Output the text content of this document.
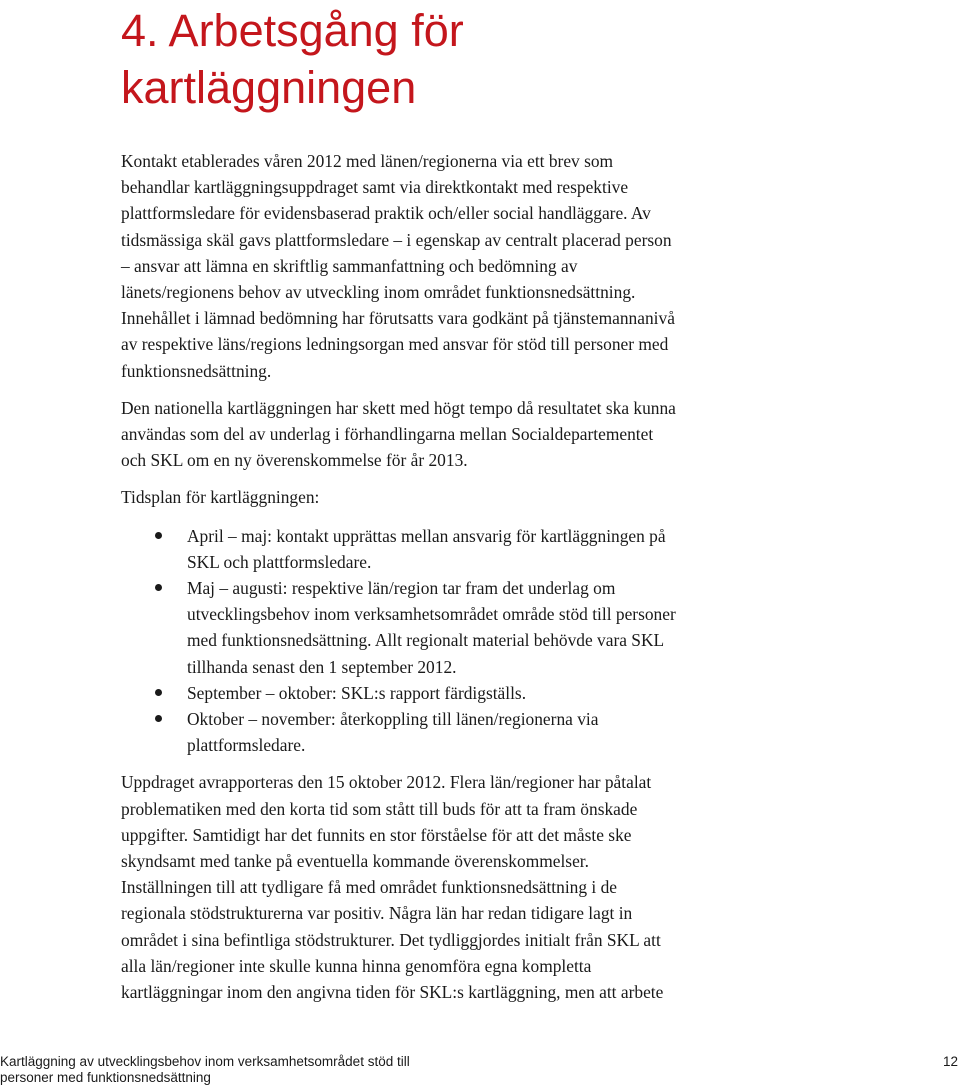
4. Arbetsgång för
kartläggningen

Kontakt etablerades våren 2012 med länen/regionerna via ett brev som
behandlar kartläggningsuppdraget samt via direktkontakt med respektive
plattformsledare för evidensbaserad praktik och/eller social handläggare. Av
tidsmässiga skäl gavs plattformsledare – i egenskap av centralt placerad person
– ansvar att lämna en skriftlig sammanfattning och bedömning av
länets/regionens behov av utveckling inom området funktionsnedsättning.
Innehållet i lämnad bedömning har förutsatts vara godkänt på tjänstemannanivå
av respektive läns/regions ledningsorgan med ansvar för stöd till personer med
funktionsnedsättning.

Den nationella kartläggningen har skett med högt tempo då resultatet ska kunna
användas som del av underlag i förhandlingarna mellan Socialdepartementet
och SKL om en ny överenskommelse för år 2013.

Tidsplan för kartläggningen:

April – maj: kontakt upprättas mellan ansvarig för kartläggningen på
SKL och plattformsledare.
Maj – augusti: respektive län/region tar fram det underlag om
utvecklingsbehov inom verksamhetsområdet område stöd till personer
med funktionsnedsättning. Allt regionalt material behövde vara SKL
tillhanda senast den 1 september 2012.
September – oktober: SKL:s rapport färdigställs.
Oktober – november: återkoppling till länen/regionerna via
plattformsledare.

Uppdraget avrapporteras den 15 oktober 2012. Flera län/regioner har påtalat
problematiken med den korta tid som stått till buds för att ta fram önskade
uppgifter. Samtidigt har det funnits en stor förståelse för att det måste ske
skyndsamt med tanke på eventuella kommande överenskommelser.
Inställningen till att tydligare få med området funktionsnedsättning i de
regionala stödstrukturerna var positiv. Några län har redan tidigare lagt in
området i sina befintliga stödstrukturer. Det tydliggjordes initialt från SKL att
alla län/regioner inte skulle kunna hinna genomföra egna kompletta
kartläggningar inom den angivna tiden för SKL:s kartläggning, men att arbete

Kartläggning av utvecklingsbehov inom verksamhetsområdet stöd till
personer med funktionsnedsättning
12
